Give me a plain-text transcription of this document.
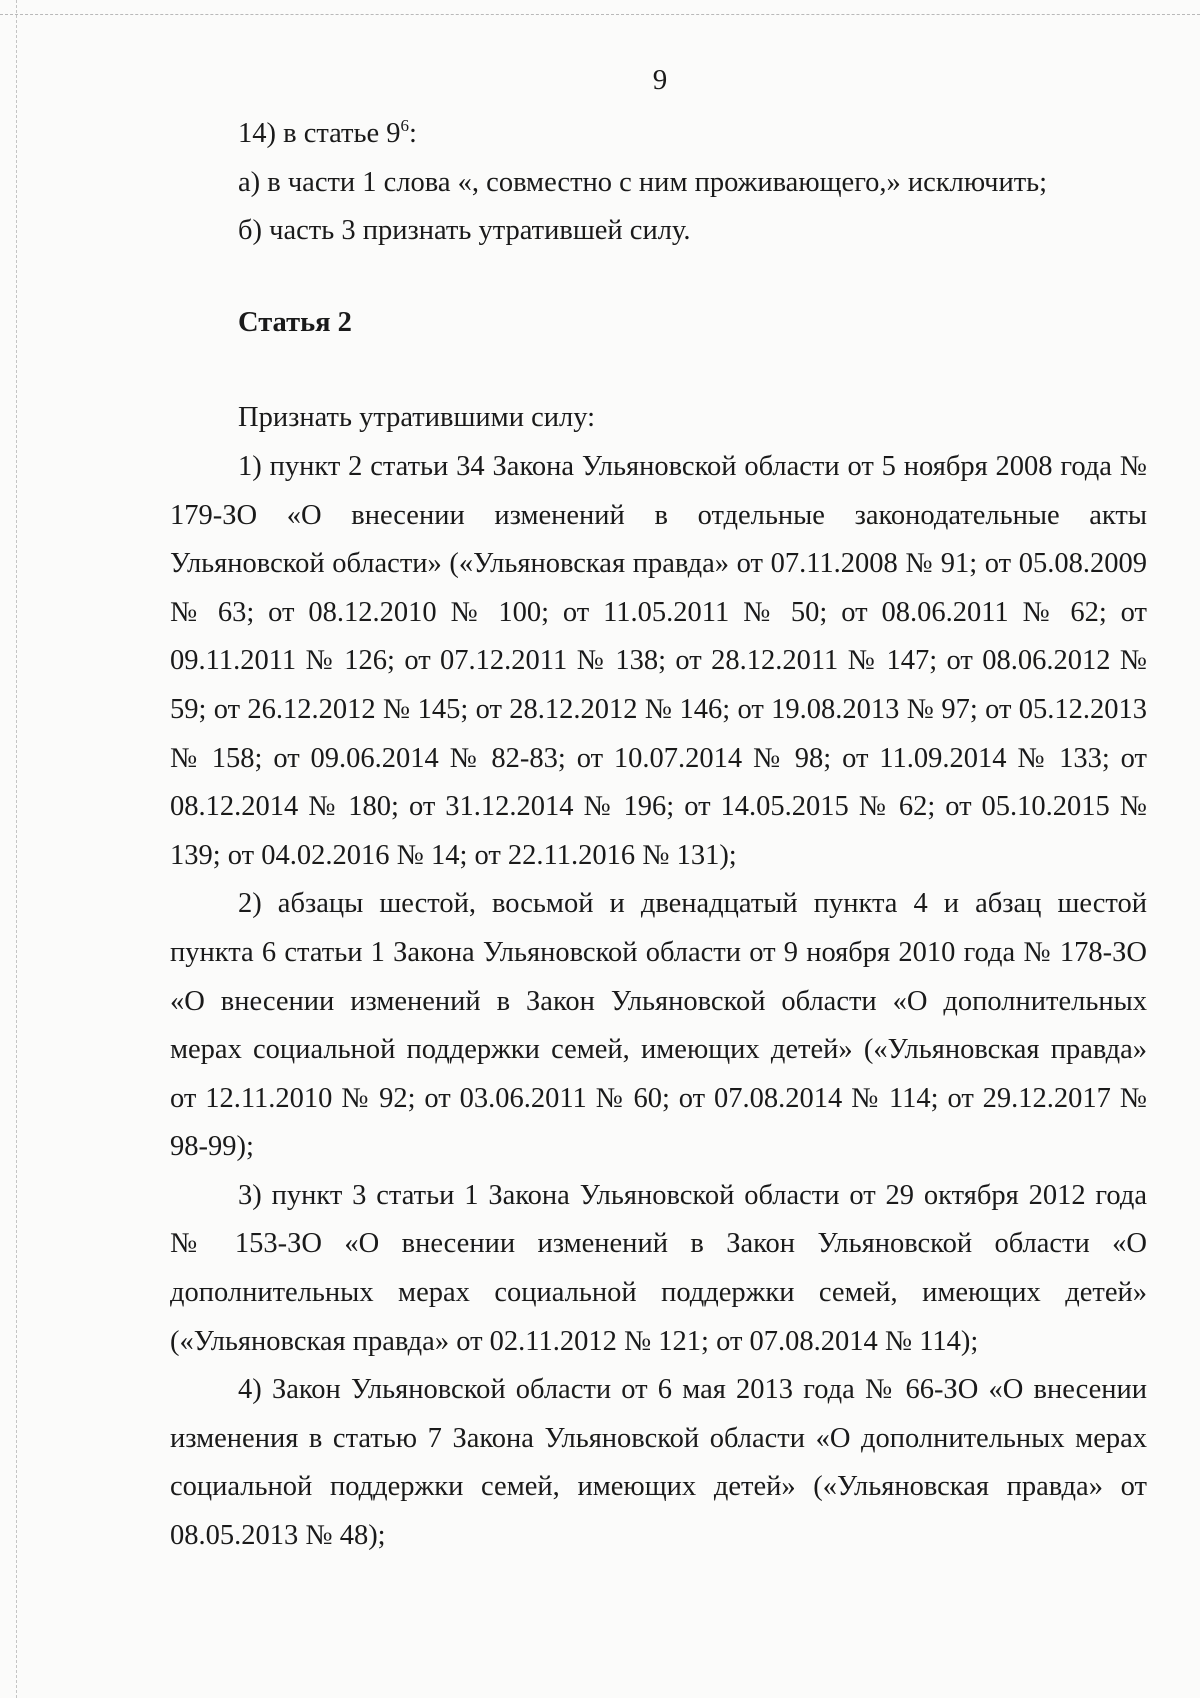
9

14) в статье $9^6$:

а) в части 1 слова «, совместно с ним проживающего,» исключить;

б) часть 3 признать утратившей силу.

Статья 2

Признать утратившими силу:

1) пункт 2 статьи 34 Закона Ульяновской области от 5 ноября 2008 года № 179-ЗО «О внесении изменений в отдельные законодательные акты Ульяновской области» («Ульяновская правда» от 07.11.2008 № 91; от 05.08.2009 № 63; от 08.12.2010 № 100; от 11.05.2011 № 50; от 08.06.2011 № 62; от 09.11.2011 № 126; от 07.12.2011 № 138; от 28.12.2011 № 147; от 08.06.2012 № 59; от 26.12.2012 № 145; от 28.12.2012 № 146; от 19.08.2013 № 97; от 05.12.2013 № 158; от 09.06.2014 № 82-83; от 10.07.2014 № 98; от 11.09.2014 № 133; от 08.12.2014 № 180; от 31.12.2014 № 196; от 14.05.2015 № 62; от 05.10.2015 № 139; от 04.02.2016 № 14; от 22.11.2016 № 131);

2) абзацы шестой, восьмой и двенадцатый пункта 4 и абзац шестой пункта 6 статьи 1 Закона Ульяновской области от 9 ноября 2010 года № 178-ЗО «О внесении изменений в Закон Ульяновской области «О дополнительных мерах социальной поддержки семей, имеющих детей» («Ульяновская правда» от 12.11.2010 № 92; от 03.06.2011 № 60; от 07.08.2014 № 114; от 29.12.2017 № 98-99);

3) пункт 3 статьи 1 Закона Ульяновской области от 29 октября 2012 года № 153-ЗО «О внесении изменений в Закон Ульяновской области «О дополнительных мерах социальной поддержки семей, имеющих детей» («Ульяновская правда» от 02.11.2012 № 121; от 07.08.2014 № 114);

4) Закон Ульяновской области от 6 мая 2013 года № 66-ЗО «О внесении изменения в статью 7 Закона Ульяновской области «О дополнительных мерах социальной поддержки семей, имеющих детей» («Ульяновская правда» от 08.05.2013 № 48);
